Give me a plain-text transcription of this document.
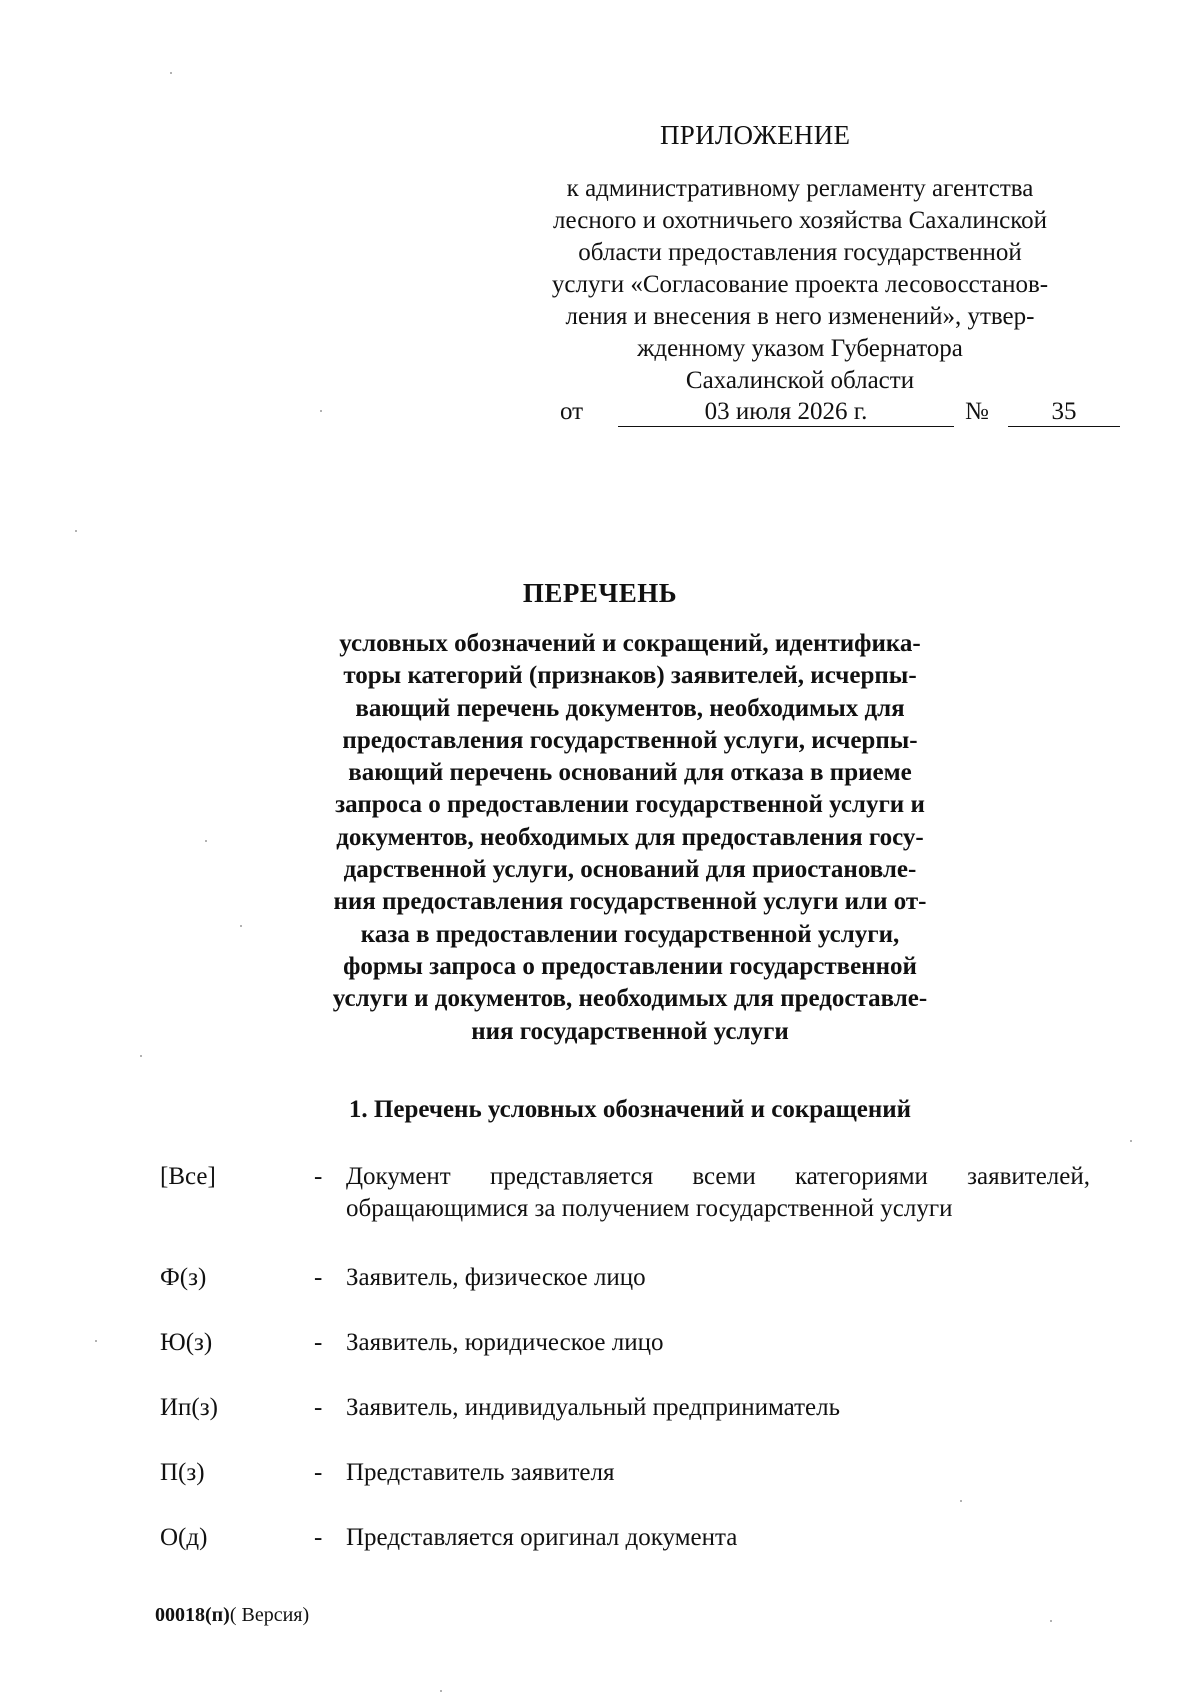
ПРИЛОЖЕНИЕ
к административному регламенту агентства
лесного и охотничьего хозяйства Сахалинской
области предоставления государственной
услуги «Согласование проекта лесовосстанов-
ления и внесения в него изменений», утвер-
жденному указом Губернатора
Сахалинской области
от	03 июля 2026 г.	№	35
ПЕРЕЧЕНЬ
условных обозначений и сокращений, идентифика-
торы категорий (признаков) заявителей, исчерпы-
вающий перечень документов, необходимых для
предоставления государственной услуги, исчерпы-
вающий перечень оснований для отказа в приеме
запроса о предоставлении государственной услуги и
документов, необходимых для предоставления госу-
дарственной услуги, оснований для приостановле-
ния предоставления государственной услуги или от-
каза в предоставлении государственной услуги,
формы запроса о предоставлении государственной
услуги и документов, необходимых для предоставле-
ния государственной услуги
1. Перечень условных обозначений и сокращений
[Все]	- Документ представляется всеми категориями заявителей, обращающимися за получением государственной услуги
Ф(з)	- Заявитель, физическое лицо
Ю(з)	- Заявитель, юридическое лицо
Ип(з)	- Заявитель, индивидуальный предприниматель
П(з)	- Представитель заявителя
О(д)	- Представляется оригинал документа
00018(п)( Версия)
